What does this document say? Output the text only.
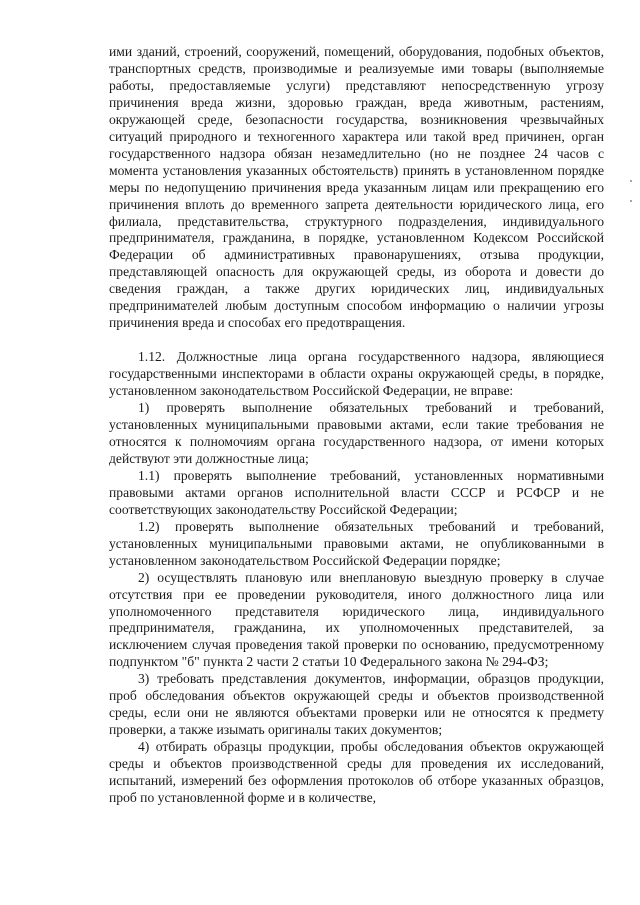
ими зданий, строений, сооружений, помещений, оборудования, подобных объектов, транспортных средств, производимые и реализуемые ими товары (выполняемые работы, предоставляемые услуги) представляют непосредственную угрозу причинения вреда жизни, здоровью граждан, вреда животным, растениям, окружающей среде, безопасности государства, возникновения чрезвычайных ситуаций природного и техногенного характера или такой вред причинен, орган государственного надзора обязан незамедлительно (но не позднее 24 часов с момента установления указанных обстоятельств) принять в установленном порядке меры по недопущению причинения вреда указанным лицам или прекращению его причинения вплоть до временного запрета деятельности юридического лица, его филиала, представительства, структурного подразделения, индивидуального предпринимателя, гражданина, в порядке, установленном Кодексом Российской Федерации об административных правонарушениях, отзыва продукции, представляющей опасность для окружающей среды, из оборота и довести до сведения граждан, а также других юридических лиц, индивидуальных предпринимателей любым доступным способом информацию о наличии угрозы причинения вреда и способах его предотвращения.

1.12. Должностные лица органа государственного надзора, являющиеся государственными инспекторами в области охраны окружающей среды, в порядке, установленном законодательством Российской Федерации, не вправе:

1) проверять выполнение обязательных требований и требований, установленных муниципальными правовыми актами, если такие требования не относятся к полномочиям органа государственного надзора, от имени которых действуют эти должностные лица;

1.1) проверять выполнение требований, установленных нормативными правовыми актами органов исполнительной власти СССР и РСФСР и не соответствующих законодательству Российской Федерации;

1.2) проверять выполнение обязательных требований и требований, установленных муниципальными правовыми актами, не опубликованными в установленном законодательством Российской Федерации порядке;

2) осуществлять плановую или внеплановую выездную проверку в случае отсутствия при ее проведении руководителя, иного должностного лица или уполномоченного представителя юридического лица, индивидуального предпринимателя, гражданина, их уполномоченных представителей, за исключением случая проведения такой проверки по основанию, предусмотренному подпунктом "б" пункта 2 части 2 статьи 10 Федерального закона № 294-ФЗ;

3) требовать представления документов, информации, образцов продукции, проб обследования объектов окружающей среды и объектов производственной среды, если они не являются объектами проверки или не относятся к предмету проверки, а также изымать оригиналы таких документов;

4) отбирать образцы продукции, пробы обследования объектов окружающей среды и объектов производственной среды для проведения их исследований, испытаний, измерений без оформления протоколов об отборе указанных образцов, проб по установленной форме и в количестве,
